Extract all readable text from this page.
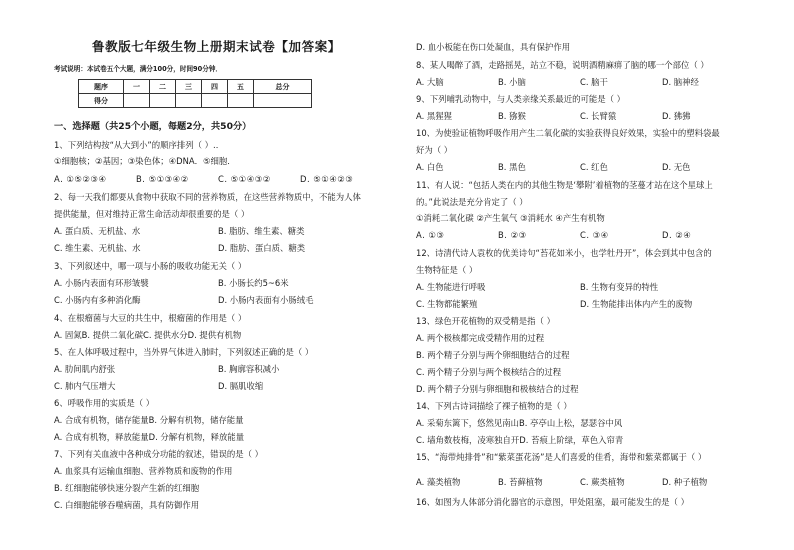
鲁教版七年级生物上册期末试卷【加答案】
考试说明：本试卷五个大题，满分100分，时间90分钟．
题序	一	二	三	四	五	总分
得分						
一、选择题（共25个小题，每题2分，共50分）
1、下列结构按“从大到小”的顺序排列（ ）.．
①细胞核；②基因；③染色体；④DNA．⑤细胞．
A. ①⑤②③④	B. ⑤①③④②	C. ⑤①④③②	D. ⑤①④②③
2、每一天我们都要从食物中获取不同的营养物质，在这些营养物质中，不能为人体
提供能量，但对维持正常生命活动却很重要的是（ ）
A. 蛋白质、无机盐、水	B. 脂肪、维生素、糖类
C. 维生素、无机盐、水	D. 脂肪、蛋白质、糖类
3、下列叙述中，哪一项与小肠的吸收功能无关（ ）
A. 小肠内表面有环形皱襞	B. 小肠长约5~6米
C. 小肠内有多种消化酶	D. 小肠内表面有小肠绒毛
4、在根瘤菌与大豆的共生中，根瘤菌的作用是（ ）
A. 固氮B. 提供二氧化碳C. 提供水分D. 提供有机物
5、在人体呼吸过程中，当外界气体进入肺时，下列叙述正确的是（ ）
A. 肋间肌内舒张	B. 胸廓容积减小
C. 肺内气压增大	D. 膈肌收缩
6、呼吸作用的实质是（ ）
A. 合成有机物，储存能量B. 分解有机物，储存能量
A. 合成有机物，释放能量D. 分解有机物，释放能量
7、下列有关血液中各种成分功能的叙述，错误的是（ ）
A. 血浆具有运输血细胞、营养物质和废物的作用
B. 红细胞能够快速分裂产生新的红细胞
C. 白细胞能够吞噬病菌，具有防御作用
D. 血小板能在伤口处凝血，具有保护作用
8、某人喝醉了酒，走路摇晃，站立不稳，说明酒精麻痹了脑的哪一个部位（ ）
A. 大脑	B. 小脑	C. 脑干	D. 脑神经
9、下列哺乳动物中，与人类亲缘关系最近的可能是（ ）
A. 黑猩猩	B. 猕猴	C. 长臂猿	D. 狒狒
10、为使验证植物呼吸作用产生二氧化碳的实验获得良好效果，实验中的塑料袋最
好为（ ）
A. 白色	B. 黑色	C. 红色	D. 无色
11、有人说：“包括人类在内的其他生物是‘攀附’着植物的茎蔓才站在这个星球上
的。”此说法是充分肯定了（ ）
①消耗二氧化碳 ②产生氧气 ③消耗水 ④产生有机物
A. ①③	B. ②③	C. ③④	D. ②④
12、诗清代诗人袁枚的优美诗句“苔花如米小，也学牡丹开”，体会到其中包含的
生物特征是（ ）
A. 生物能进行呼吸	B. 生物有变异的特性
C. 生物都能繁殖	D. 生物能排出体内产生的废物
13、绿色开花植物的双受精是指（ ）
A. 两个极核都完成受精作用的过程
B. 两个精子分别与两个卵细胞结合的过程
C. 两个精子分别与两个极核结合的过程
D. 两个精子分别与卵细胞和极核结合的过程
14、下列古诗词描绘了裸子植物的是（ ）
A. 采菊东篱下，悠然见南山B. 亭亭山上松，瑟瑟谷中风
C. 墙角数枝梅，凌寒独自开D. 苔痕上阶绿，草色入帘青
15、“海带炖排骨”和“紫菜蛋花汤”是人们喜爱的佳肴，海带和紫菜都属于（ ）
A. 藻类植物	B. 苔藓植物	C. 蕨类植物	D. 种子植物
16、如图为人体部分消化器官的示意图，甲处阻塞，最可能发生的是（ ）
